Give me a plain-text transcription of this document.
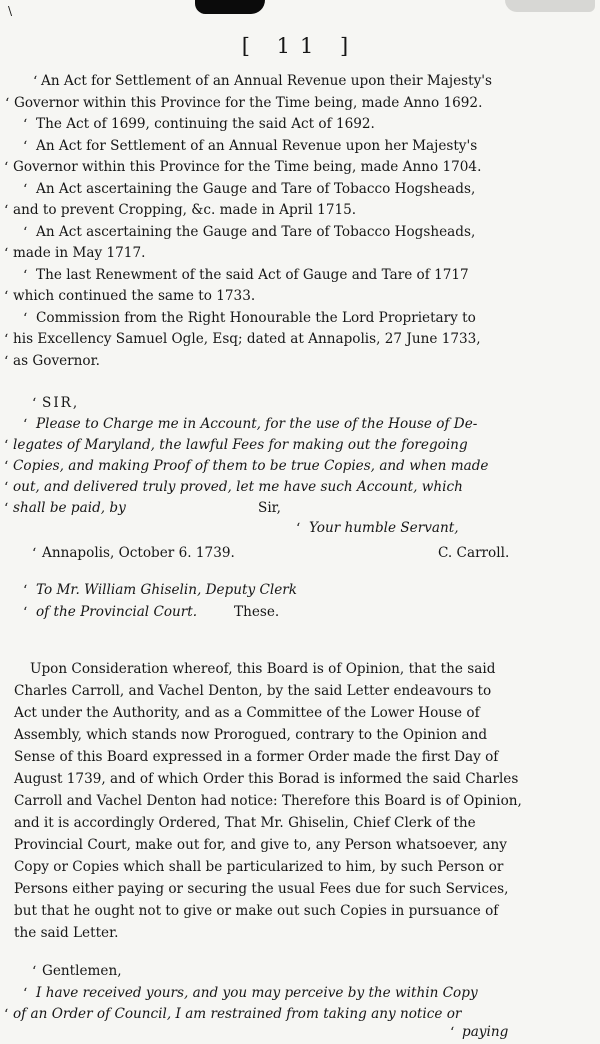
\
[ 11 ]
‘ An Act for Settlement of an Annual Revenue upon their Majesty's
‘ Governor within this Province for the Time being, made Anno 1692.
‘ The Act of 1699, continuing the said Act of 1692.
‘ An Act for Settlement of an Annual Revenue upon her Majesty's
‘ Governor within this Province for the Time being, made Anno 1704.
‘ An Act ascertaining the Gauge and Tare of Tobacco Hogsheads,
‘ and to prevent Cropping, &c. made in April 1715.
‘ An Act ascertaining the Gauge and Tare of Tobacco Hogsheads,
‘ made in May 1717.
‘ The last Renewment of the said Act of Gauge and Tare of 1717
‘ which continued the same to 1733.
‘ Commission from the Right Honourable the Lord Proprietary to
‘ his Excellency Samuel Ogle, Esq; dated at Annapolis, 27 June 1733,
‘ as Governor.
‘ SIR,
‘ Please to Charge me in Account, for the use of the House of De-
‘ legates of Maryland, the lawful Fees for making out the foregoing
‘ Copies, and making Proof of them to be true Copies, and when made
‘ out, and delivered truly proved, let me have such Account, which
‘ shall be paid, by	Sir,
‘ Your humble Servant,
‘ Annapolis, October 6. 1739.	C. Carroll.
‘ To Mr. William Ghiselin, Deputy Clerk
‘ of the Provincial Court.	These.
Upon Consideration whereof, this Board is of Opinion, that the said
Charles Carroll, and Vachel Denton, by the said Letter endeavours to
Act under the Authority, and as a Committee of the Lower House of
Assembly, which stands now Prorogued, contrary to the Opinion and
Sense of this Board expressed in a former Order made the first Day of
August 1739, and of which Order this Borad is informed the said Charles
Carroll and Vachel Denton had notice: Therefore this Board is of Opinion,
and it is accordingly Ordered, That Mr. Ghiselin, Chief Clerk of the
Provincial Court, make out for, and give to, any Person whatsoever, any
Copy or Copies which shall be particularized to him, by such Person or
Persons either paying or securing the usual Fees due for such Services,
but that he ought not to give or make out such Copies in pursuance of
the said Letter.
‘ Gentlemen,
‘ I have received yours, and you may perceive by the within Copy
‘ of an Order of Council, I am restrained from taking any notice or
‘ paying
